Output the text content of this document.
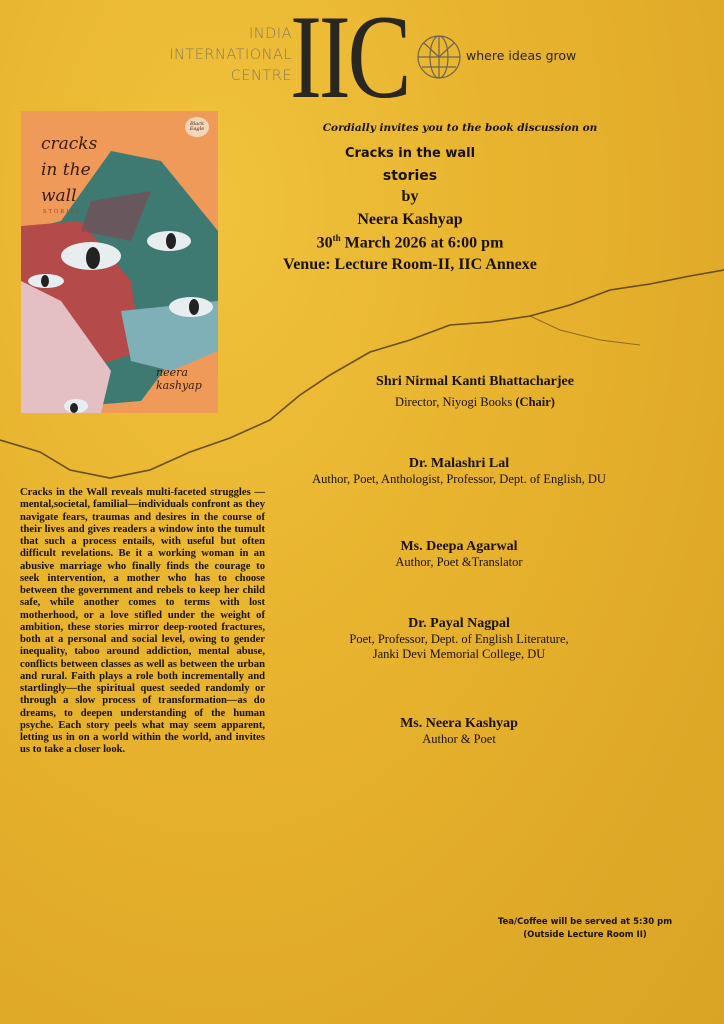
INDIA
INTERNATIONAL
CENTRE
IIC	where ideas grow
cracks
in the
wall
STORIES
neera
kashyap
Black Eagle	Cordially invites you to the book discussion on
Cracks in the wall
stories
by
Neera Kashyap
30th March 2026 at 6:00 pm
Venue: Lecture Room-II, IIC Annexe
Shri Nirmal Kanti Bhattacharjee
Director, Niyogi Books (Chair)
Dr. Malashri Lal
Author, Poet, Anthologist, Professor, Dept. of English, DU
Ms. Deepa Agarwal
Author, Poet &Translator
Dr. Payal Nagpal
Poet, Professor, Dept. of English Literature,
Janki Devi Memorial College, DU
Ms. Neera Kashyap
Author & Poet
Cracks in the Wall reveals multi-faceted struggles —mental,societal, familial—individuals confront as they navigate fears, traumas and desires in the course of their lives and gives readers a window into the tumult that such a process entails, with useful but often difficult revelations. Be it a working woman in an abusive marriage who finally finds the courage to seek intervention, a mother who has to choose between the government and rebels to keep her child safe, while another comes to terms with lost motherhood, or a love stifled under the weight of ambition, these stories mirror deep-rooted fractures, both at a personal and social level, owing to gender inequality, taboo around addiction, mental abuse, conflicts between classes as well as between the urban and rural. Faith plays a role both incrementally and startlingly—the spiritual quest seeded randomly or through a slow process of transformation—as do dreams, to deepen understanding of the human psyche. Each story peels what may seem apparent, letting us in on a world within the world, and invites us to take a closer look.
Tea/Coffee will be served at 5:30 pm
(Outside Lecture Room II)
